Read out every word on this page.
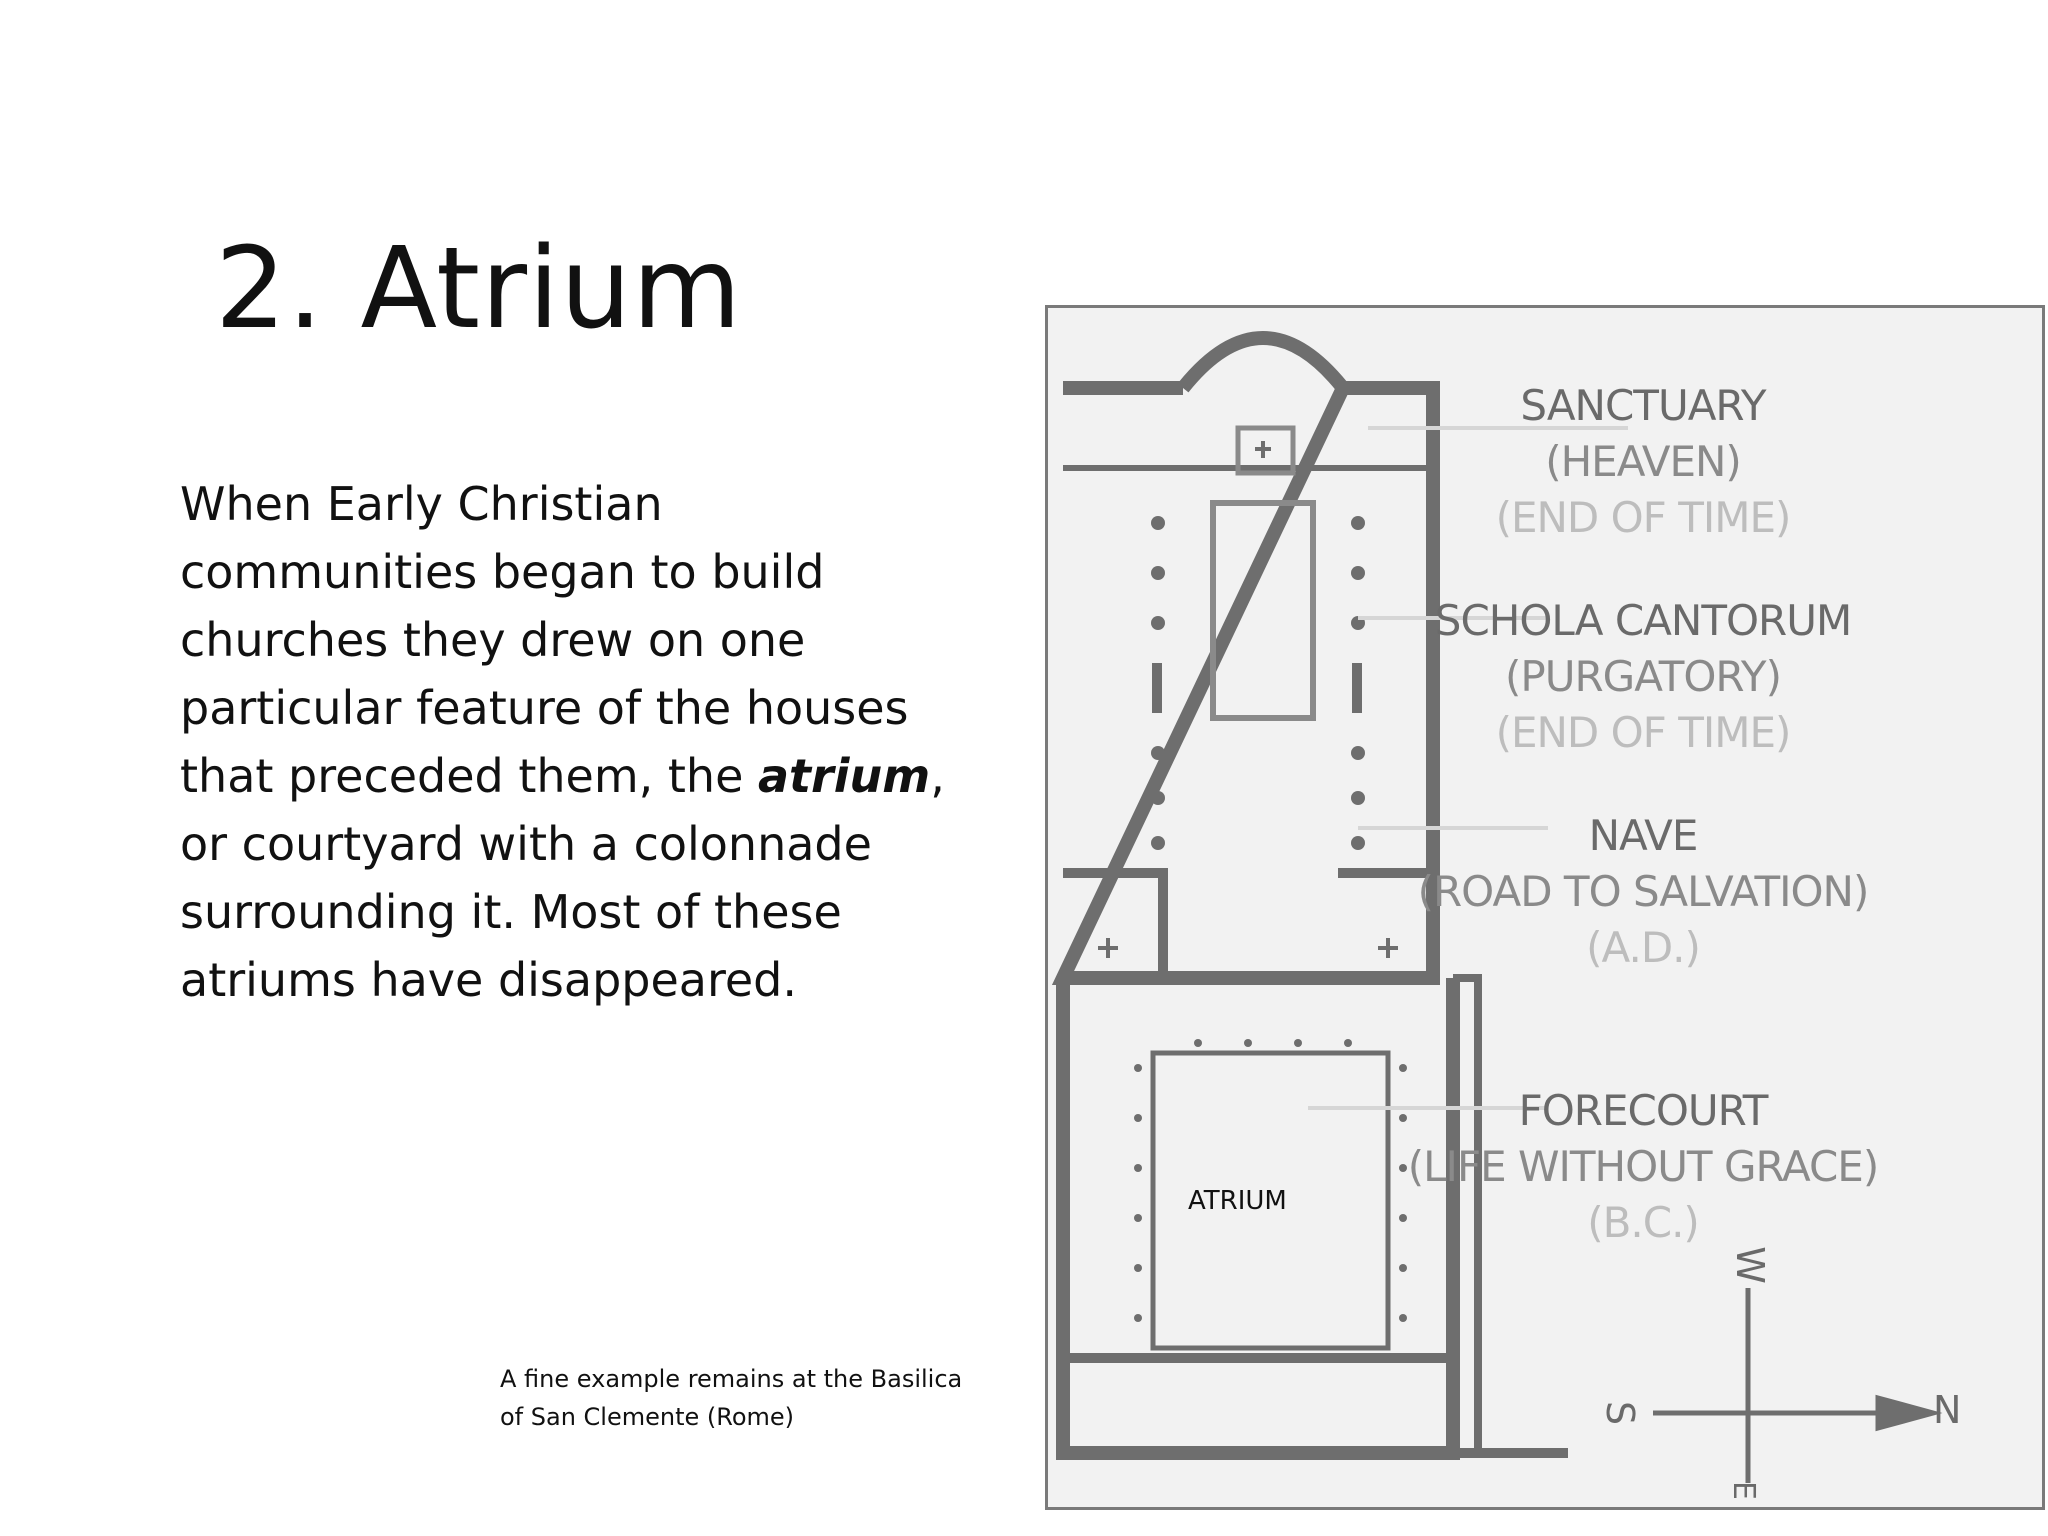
2. Atrium
When Early Christian communities began to build churches they drew on one particular feature of the houses that preceded them, the atrium, or courtyard with a colonnade surrounding it. Most of these atriums have disappeared.
A fine example remains at the Basilica
of San Clemente (Rome)
ATRIUM
SANCTUARY
(HEAVEN)
(END OF TIME)
SCHOLA CANTORUM
(PURGATORY)
(END OF TIME)
NAVE
(ROAD TO SALVATION)
(A.D.)
FORECOURT
(LIFE WITHOUT GRACE)
(B.C.)
W
N
S
E
